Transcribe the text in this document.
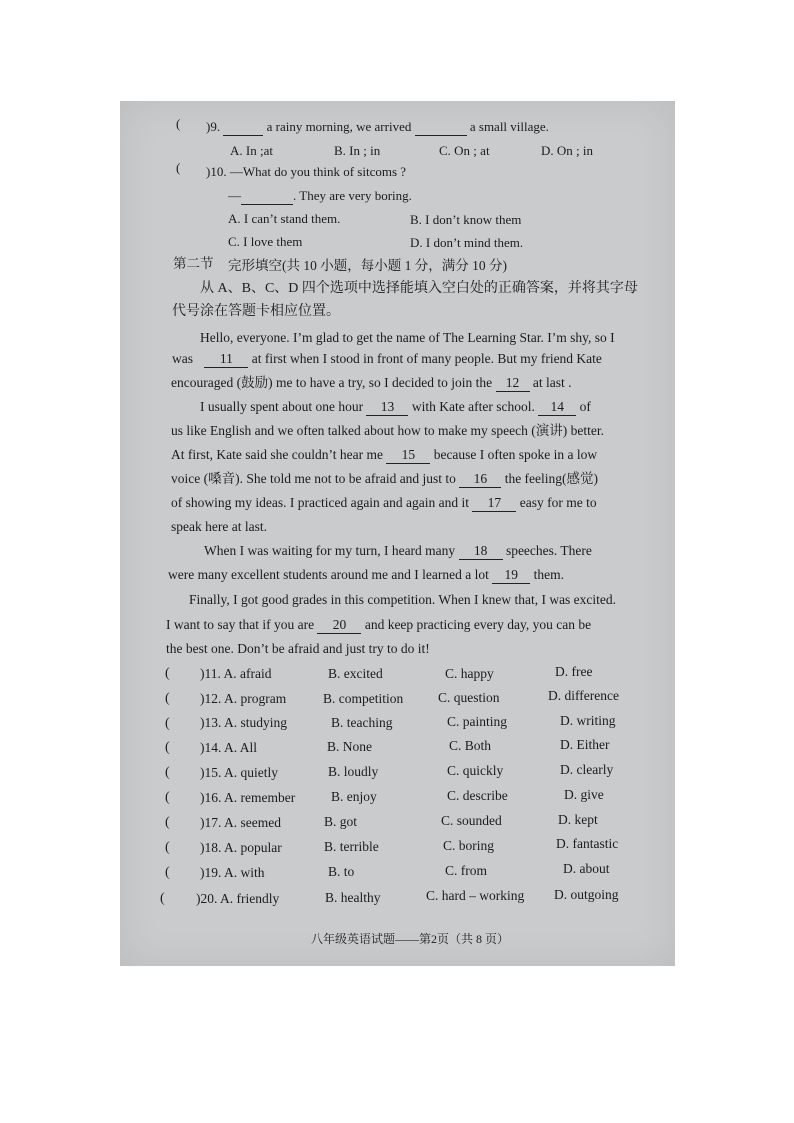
( )9.	a rainy morning, we arrived	a small village.
A. In ;at	B. In ; in	C. On ; at	D. On ; in
( )10. —What do you think of sitcoms ?
—	. They are very boring.
A. I can’t stand them.	B. I don’t know them
C. I love them	D. I don’t mind them.
第二节 完形填空(共 10 小题，每小题 1 分，满分 10 分)
从 A、B、C、D 四个选项中选择能填入空白处的正确答案，并将其字母
代号涂在答题卡相应位置。
Hello, everyone. I’m glad to get the name of The Learning Star. I’m shy, so I
was 11 at first when I stood in front of many people. But my friend Kate
encouraged (鼓励) me to have a try, so I decided to join the 12 at last .
I usually spent about one hour 13 with Kate after school. 14 of
us like English and we often talked about how to make my speech (演讲) better.
At first, Kate said she couldn’t hear me 15 because I often spoke in a low
voice (嗓音). She told me not to be afraid and just to 16 the feeling(感觉)
of showing my ideas. I practiced again and again and it 17 easy for me to
speak here at last.
When I was waiting for my turn, I heard many 18 speeches. There
were many excellent students around me and I learned a lot 19 them.
Finally, I got good grades in this competition. When I knew that, I was excited.
I want to say that if you are 20 and keep practicing every day, you can be
the best one. Don’t be afraid and just try to do it!
( )11. A. afraid	B. excited	C. happy	D. free
( )12. A. program	B. competition	C. question	D. difference
( )13. A. studying	B. teaching	C. painting	D. writing
( )14. A. All	B. None	C. Both	D. Either
( )15. A. quietly	B. loudly	C. quickly	D. clearly
( )16. A. remember	B. enjoy	C. describe	D. give
( )17. A. seemed	B. got	C. sounded	D. kept
( )18. A. popular	B. terrible	C. boring	D. fantastic
( )19. A. with	B. to	C. from	D. about
( )20. A. friendly	B. healthy	C. hard – working D. outgoing
八年级英语试题——第2页（共 8 页）
